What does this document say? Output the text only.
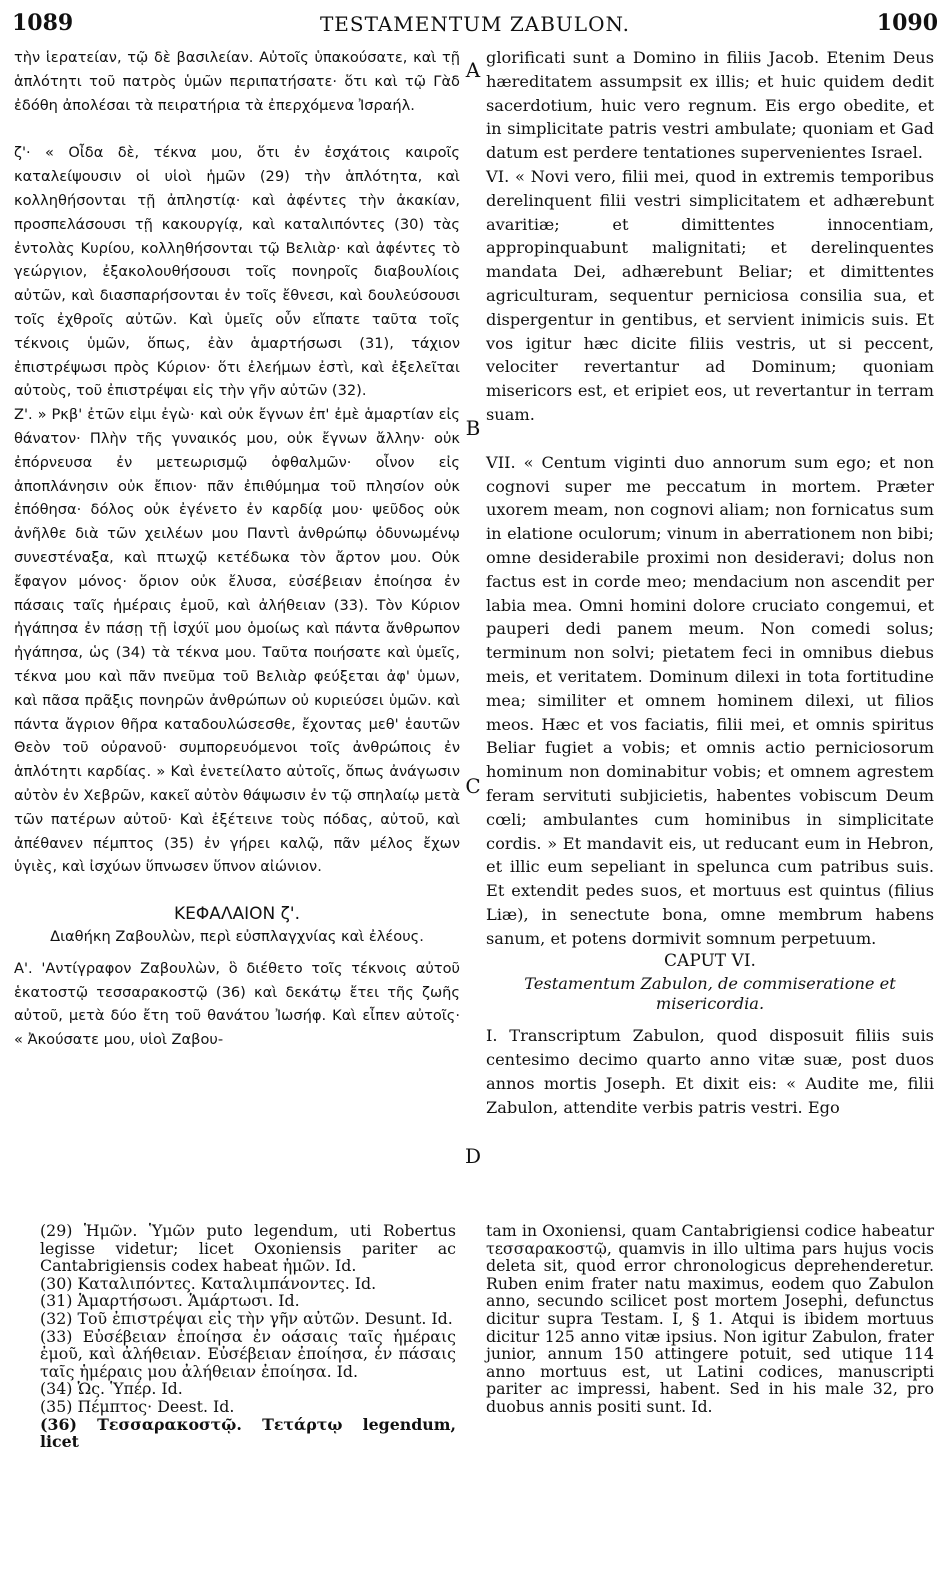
1089	TESTAMENTUM ZABULON.	1090

τὴν ἱερατείαν, τῷ δὲ βασιλείαν. Αὐτοῖς ὑπακούσατε, καὶ τῇ ἁπλότητι τοῦ πατρὸς ὑμῶν περιπατήσατε· ὅτι καὶ τῷ Γὰδ ἐδόθη ἀπολέσαι τὰ πειρατήρια τὰ ἐπερχόμενα Ἰσραήλ.

ζ'· « Οἶδα δὲ, τέκνα μου, ὅτι ἐν ἐσχάτοις καιροῖς καταλείψουσιν οἱ υἱοὶ ἡμῶν (29) τὴν ἁπλότητα, καὶ κολληθήσονται τῇ ἀπληστίᾳ· καὶ ἀφέντες τὴν ἀκακίαν, προσπελάσουσι τῇ κακουργίᾳ, καὶ καταλιπόντες (30) τὰς ἐντολὰς Κυρίου, κολληθήσονται τῷ Βελιὰρ· καὶ ἀφέντες τὸ γεώργιον, ἐξακολουθήσουσι τοῖς πονηροῖς διαβουλίοις αὐτῶν, καὶ διασπαρήσονται ἐν τοῖς ἔθνεσι, καὶ δουλεύσουσι τοῖς ἐχθροῖς αὐτῶν. Καὶ ὑμεῖς οὖν εἴπατε ταῦτα τοῖς τέκνοις ὑμῶν, ὅπως, ἐὰν ἁμαρτήσωσι (31), τάχιον ἐπιστρέψωσι πρὸς Κύριον· ὅτι ἐλεήμων ἐστὶ, καὶ ἐξελεῖται αὐτοὺς, τοῦ ἐπιστρέψαι εἰς τὴν γῆν αὐτῶν (32).

Ζ'. » Ρκβ' ἐτῶν εἰμι ἐγὼ· καὶ οὐκ ἔγνων ἐπ' ἐμὲ ἁμαρτίαν εἰς θάνατον· Πλὴν τῆς γυναικός μου, οὐκ ἔγνων ἄλλην· οὐκ ἐπόρνευσα ἐν μετεωρισμῷ ὀφθαλμῶν· οἶνον εἰς ἀποπλάνησιν οὐκ ἔπιον· πᾶν ἐπιθύμημα τοῦ πλησίον οὐκ ἐπόθησα· δόλος οὐκ ἐγένετο ἐν καρδίᾳ μου· ψεῦδος οὐκ ἀνῆλθε διὰ τῶν χειλέων μου Παντὶ ἀνθρώπῳ ὀδυνωμένῳ συνεστέναξα, καὶ πτωχῷ κετέδωκα τὸν ἄρτον μου. Οὐκ ἔφαγον μόνος· ὅριον οὐκ ἔλυσα, εὐσέβειαν ἐποίησα ἐν πάσαις ταῖς ἡμέραις ἐμοῦ, καὶ ἀλήθειαν (33). Τὸν Κύριον ἠγάπησα ἐν πάσῃ τῇ ἰσχύϊ μου ὁμοίως καὶ πάντα ἄνθρωπον ἠγάπησα, ὡς (34) τὰ τέκνα μου. Ταῦτα ποιήσατε καὶ ὑμεῖς, τέκνα μου καὶ πᾶν πνεῦμα τοῦ Βελιὰρ φεύξεται ἀφ' ὑμων, καὶ πᾶσα πρᾶξις πονηρῶν ἀνθρώπων οὐ κυριεύσει ὑμῶν. καὶ πάντα ἄγριον θῆρα καταδουλώσεσθε, ἔχοντας μεθ' ἑαυτῶν Θεὸν τοῦ οὐρανοῦ· συμπορευόμενοι τοῖς ἀνθρώποις ἐν ἁπλότητι καρδίας. » Καὶ ἐνετείλατο αὐτοῖς, ὅπως ἀνάγωσιν αὐτὸν ἐν Χεβρῶν, κακεῖ αὐτὸν θάψωσιν ἐν τῷ σπηλαίῳ μετὰ τῶν πατέρων αὐτοῦ· Καὶ ἐξέτεινε τοὺς πόδας, αὐτοῦ, καὶ ἀπέθανεν πέμπτος (35) ἐν γήρει καλῷ, πᾶν μέλος ἔχων ὑγιὲς, καὶ ἰσχύων ὕπνωσεν ὕπνον αἰώνιον.

ΚΕΦΑΛΑΙΟΝ ζ'.

Διαθήκη Ζαβουλὼν, περὶ εὐσπλαγχνίας καὶ ἐλέους.

Α'. 'Αντίγραφον Ζαβουλὼν, ὃ διέθετο τοῖς τέκνοις αὐτοῦ ἑκατοστῷ τεσσαρακοστῷ (36) καὶ δεκάτῳ ἔτει τῆς ζωῆς αὐτοῦ, μετὰ δύο ἔτη τοῦ θανάτου Ἰωσήφ. Καὶ εἶπεν αὐτοῖς· « Ἀκούσατε μου, υἱοὶ Ζαβου-

glorificati sunt a Domino in filiis Jacob. Etenim Deus hæreditatem assumpsit ex illis; et huic quidem dedit sacerdotium, huic vero regnum. Eis ergo obedite, et in simplicitate patris vestri ambulate; quoniam et Gad datum est perdere tentationes supervenientes Israel.

VI. « Novi vero, filii mei, quod in extremis temporibus derelinquent filii vestri simplicitatem et adhærebunt avaritiæ; et dimittentes innocentiam, appropinquabunt malignitati; et derelinquentes mandata Dei, adhærebunt Beliar; et dimittentes agriculturam, sequentur perniciosa consilia sua, et dispergentur in gentibus, et servient inimicis suis. Et vos igitur hæc dicite filiis vestris, ut si peccent, velociter revertantur ad Dominum; quoniam misericors est, et eripiet eos, ut revertantur in terram suam.

VII. « Centum viginti duo annorum sum ego; et non cognovi super me peccatum in mortem. Præter uxorem meam, non cognovi aliam; non fornicatus sum in elatione oculorum; vinum in aberrationem non bibi; omne desiderabile proximi non desideravi; dolus non factus est in corde meo; mendacium non ascendit per labia mea. Omni homini dolore cruciato congemui, et pauperi dedi panem meum. Non comedi solus; terminum non solvi; pietatem feci in omnibus diebus meis, et veritatem. Dominum dilexi in tota fortitudine mea; similiter et omnem hominem dilexi, ut filios meos. Hæc et vos faciatis, filii mei, et omnis spiritus Beliar fugiet a vobis; et omnis actio perniciosorum hominum non dominabitur vobis; et omnem agrestem feram servituti subjicietis, habentes vobiscum Deum cœli; ambulantes cum hominibus in simplicitate cordis. » Et mandavit eis, ut reducant eum in Hebron, et illic eum sepeliant in spelunca cum patribus suis. Et extendit pedes suos, et mortuus est quintus (filius Liæ), in senectute bona, omne membrum habens sanum, et potens dormivit somnum perpetuum.

CAPUT VI.

Testamentum Zabulon, de commiseratione et misericordia.

I. Transcriptum Zabulon, quod disposuit filiis suis centesimo decimo quarto anno vitæ suæ, post duos annos mortis Joseph. Et dixit eis: « Audite me, filii Zabulon, attendite verbis patris vestri. Ego

A
B
C
D

(29) Ἡμῶν. Ὑμῶν puto legendum, uti Robertus legisse videtur; licet Oxoniensis pariter ac Cantabrigiensis codex habeat ἡμῶν. Id.

(30) Καταλιπόντες. Καταλιμπάνοντες. Id.

(31) Ἁμαρτήσωσι. Ἁμάρτωσι. Id.

(32) Τοῦ ἐπιστρέψαι εἰς τὴν γῆν αὐτῶν. Desunt. Id.

(33) Εὐσέβειαν ἐποίησα ἐν οάσαις ταῖς ἡμέραις ἐμοῦ, καὶ ἀλήθειαν. Εὐσέβειαν ἐποίησα, ἐν πάσαις ταῖς ἡμέραις μου ἀλήθειαν ἐποίησα. Id.

(34) Ὡς. Ὑπέρ. Id.

(35) Πέμπτος· Deest. Id.

(36) Τεσσαρακοστῷ. Τετάρτῳ legendum, licet

tam in Oxoniensi, quam Cantabrigiensi codice habeatur τεσσαρακοστῷ, quamvis in illo ultima pars hujus vocis deleta sit, quod error chronologicus deprehenderetur. Ruben enim frater natu maximus, eodem quo Zabulon anno, secundo scilicet post mortem Josephi, defunctus dicitur supra Testam. I, § 1. Atqui is ibidem mortuus dicitur 125 anno vitæ ipsius. Non igitur Zabulon, frater junior, annum 150 attingere potuit, sed utique 114 anno mortuus est, ut Latini codices, manuscripti pariter ac impressi, habent. Sed in his male 32, pro duobus annis positi sunt. Id.
